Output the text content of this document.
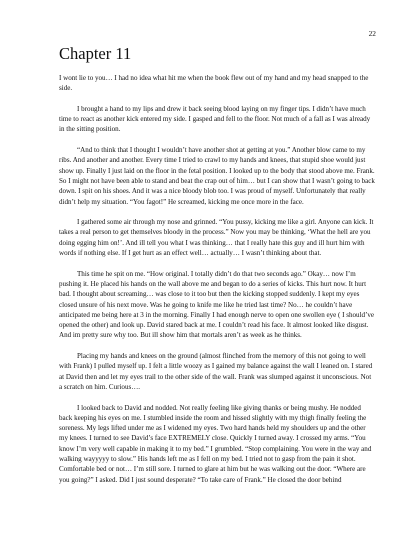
22
Chapter 11

I wont lie to you… I had no idea what hit me when the book flew out of my hand and my head snapped to the side.

I brought a hand to my lips and drew it back seeing blood laying on my finger tips. I didn’t have much time to react as another kick entered my side. I gasped and fell to the floor. Not much of a fall as I was already in the sitting position.

“And to think that I thought I wouldn’t have another shot at getting at you.” Another blow came to my ribs. And another and another. Every time I tried to crawl to my hands and knees, that stupid shoe would just show up. Finally I just laid on the floor in the fetal position. I looked up to the body that stood above me. Frank. So I might not have been able to stand and beat the crap out of him… but I can show that I wasn’t going to back down. I spit on his shoes. And it was a nice bloody blob too. I was proud of myself. Unfortunately that really didn’t help my situation. “You fagot!” He screamed, kicking me once more in the face.

I gathered some air through my nose and grinned. “You pussy, kicking me like a girl. Anyone can kick. It takes a real person to get themselves bloody in the process.” Now you may be thinking, ‘What the hell are you doing egging him on!’. And ill tell you what I was thinking… that I really hate this guy and ill hurt him with words if nothing else. If I get hurt as an effect well… actually… I wasn’t thinking about that.

This time he spit on me. “How original. I totally didn’t do that two seconds ago.” Okay… now I’m pushing it. He placed his hands on the wall above me and began to do a series of kicks. This hurt now. It hurt bad. I thought about screaming… was close to it too but then the kicking stopped suddenly. I kept my eyes closed unsure of his next move. Was he going to knife me like he tried last time? No… he couldn’t have anticipated me being here at 3 in the morning. Finally I had enough nerve to open one swollen eye ( I should’ve opened the other) and look up. David stared back at me. I couldn’t read his face. It almost looked like disgust. And im pretty sure why too. But ill show him that mortals aren’t as week as he thinks.

Placing my hands and knees on the ground (almost flinched from the memory of this not going to well with Frank) I pulled myself up. I felt a little woozy as I gained my balance against the wall I leaned on. I stared at David then and let my eyes trail to the other side of the wall. Frank was slumped against it unconscious. Not a scratch on him. Curious….

I looked back to David and nodded. Not really feeling like giving thanks or being mushy. He nodded back keeping his eyes on me. I stumbled inside the room and hissed slightly with my thigh finally feeling the soreness. My legs lifted under me as I widened my eyes. Two hard hands held my shoulders up and the other my knees. I turned to see David’s face EXTREMELY close. Quickly I turned away. I crossed my arms. “You know I’m very well capable in making it to my bed.” I grumbled. “Stop complaining. You were in the way and walking wayyyyy to slow.” His hands left me as I fell on my bed. I tried not to gasp from the pain it shot. Comfortable bed or not… I’m still sore. I turned to glare at him but he was walking out the door. “Where are you going?” I asked. Did I just sound desperate? “To take care of Frank.” He closed the door behind
